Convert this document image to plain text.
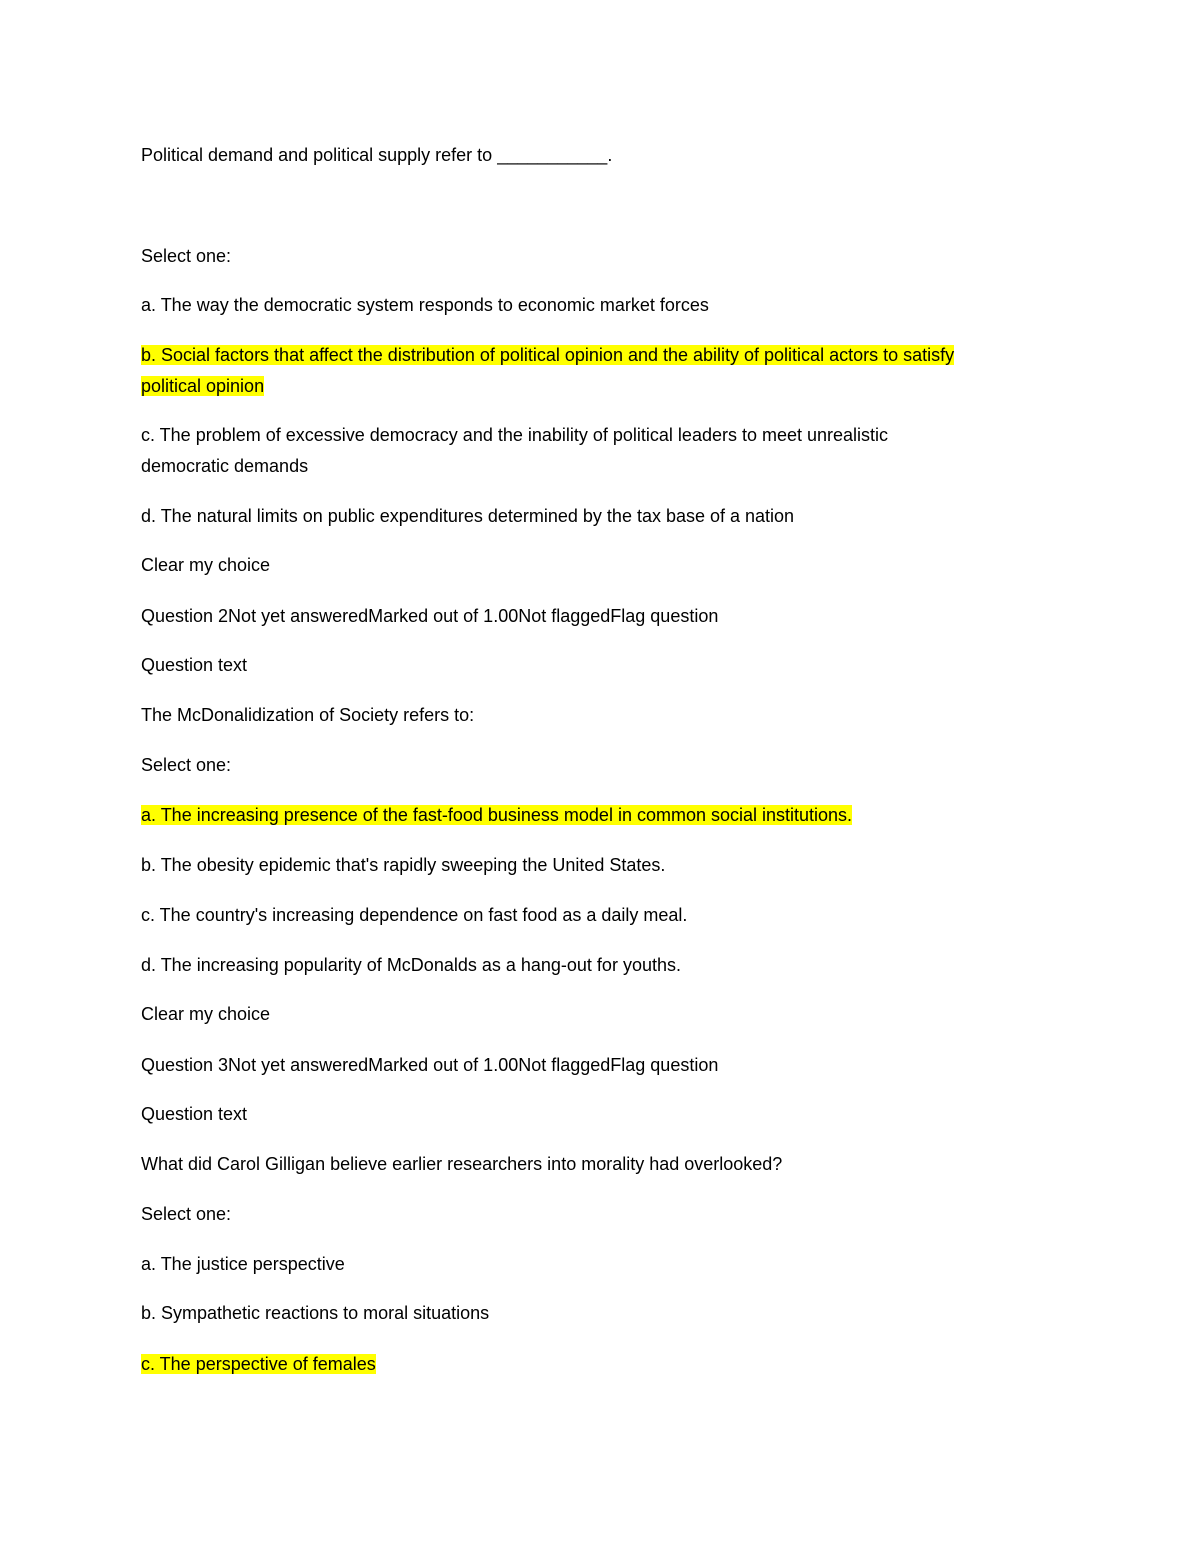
Political demand and political supply refer to ___________.
Select one:
a. The way the democratic system responds to economic market forces
b. Social factors that affect the distribution of political opinion and the ability of political actors to satisfy
political opinion
c. The problem of excessive democracy and the inability of political leaders to meet unrealistic
democratic demands
d. The natural limits on public expenditures determined by the tax base of a nation
Clear my choice
Question 2Not yet answeredMarked out of 1.00Not flaggedFlag question
Question text
The McDonalidization of Society refers to:
Select one:
a. The increasing presence of the fast-food business model in common social institutions.
b. The obesity epidemic that's rapidly sweeping the United States.
c. The country's increasing dependence on fast food as a daily meal.
d. The increasing popularity of McDonalds as a hang-out for youths.
Clear my choice
Question 3Not yet answeredMarked out of 1.00Not flaggedFlag question
Question text
What did Carol Gilligan believe earlier researchers into morality had overlooked?
Select one:
a. The justice perspective
b. Sympathetic reactions to moral situations
c. The perspective of females
